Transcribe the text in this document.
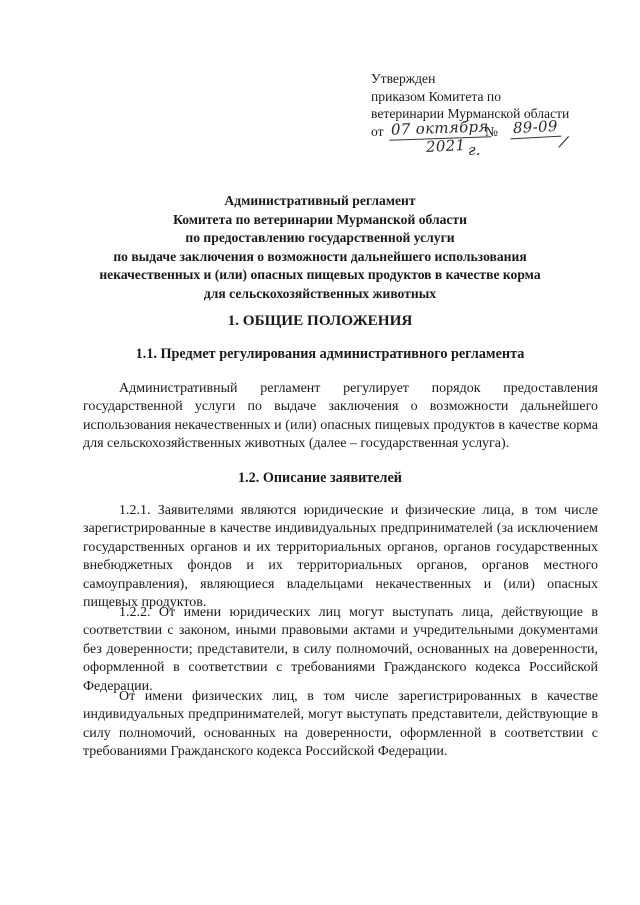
Утвержден
приказом Комитета по
ветеринарии Мурманской области
от 07 октября
№ 89-09
2021 г.	/
Административный регламент
Комитета по ветеринарии Мурманской области
по предоставлению государственной услуги
по выдаче заключения о возможности дальнейшего использования
некачественных и (или) опасных пищевых продуктов в качестве корма
для сельскохозяйственных животных
1. ОБЩИЕ ПОЛОЖЕНИЯ
1.1. Предмет регулирования административного регламента
Административный регламент регулирует порядок предоставления государственной услуги по выдаче заключения о возможности дальнейшего использования некачественных и (или) опасных пищевых продуктов в качестве корма для сельскохозяйственных животных (далее – государственная услуга).
1.2. Описание заявителей
1.2.1. Заявителями являются юридические и физические лица, в том числе зарегистрированные в качестве индивидуальных предпринимателей (за исключением государственных органов и их территориальных органов, органов государственных внебюджетных фондов и их территориальных органов, органов местного самоуправления), являющиеся владельцами некачественных и (или) опасных пищевых продуктов.
1.2.2. От имени юридических лиц могут выступать лица, действующие в соответствии с законом, иными правовыми актами и учредительными документами без доверенности; представители, в силу полномочий, основанных на доверенности, оформленной в соответствии с требованиями Гражданского кодекса Российской Федерации.
От имени физических лиц, в том числе зарегистрированных в качестве индивидуальных предпринимателей, могут выступать представители, действующие в силу полномочий, основанных на доверенности, оформленной в соответствии с требованиями Гражданского кодекса Российской Федерации.
